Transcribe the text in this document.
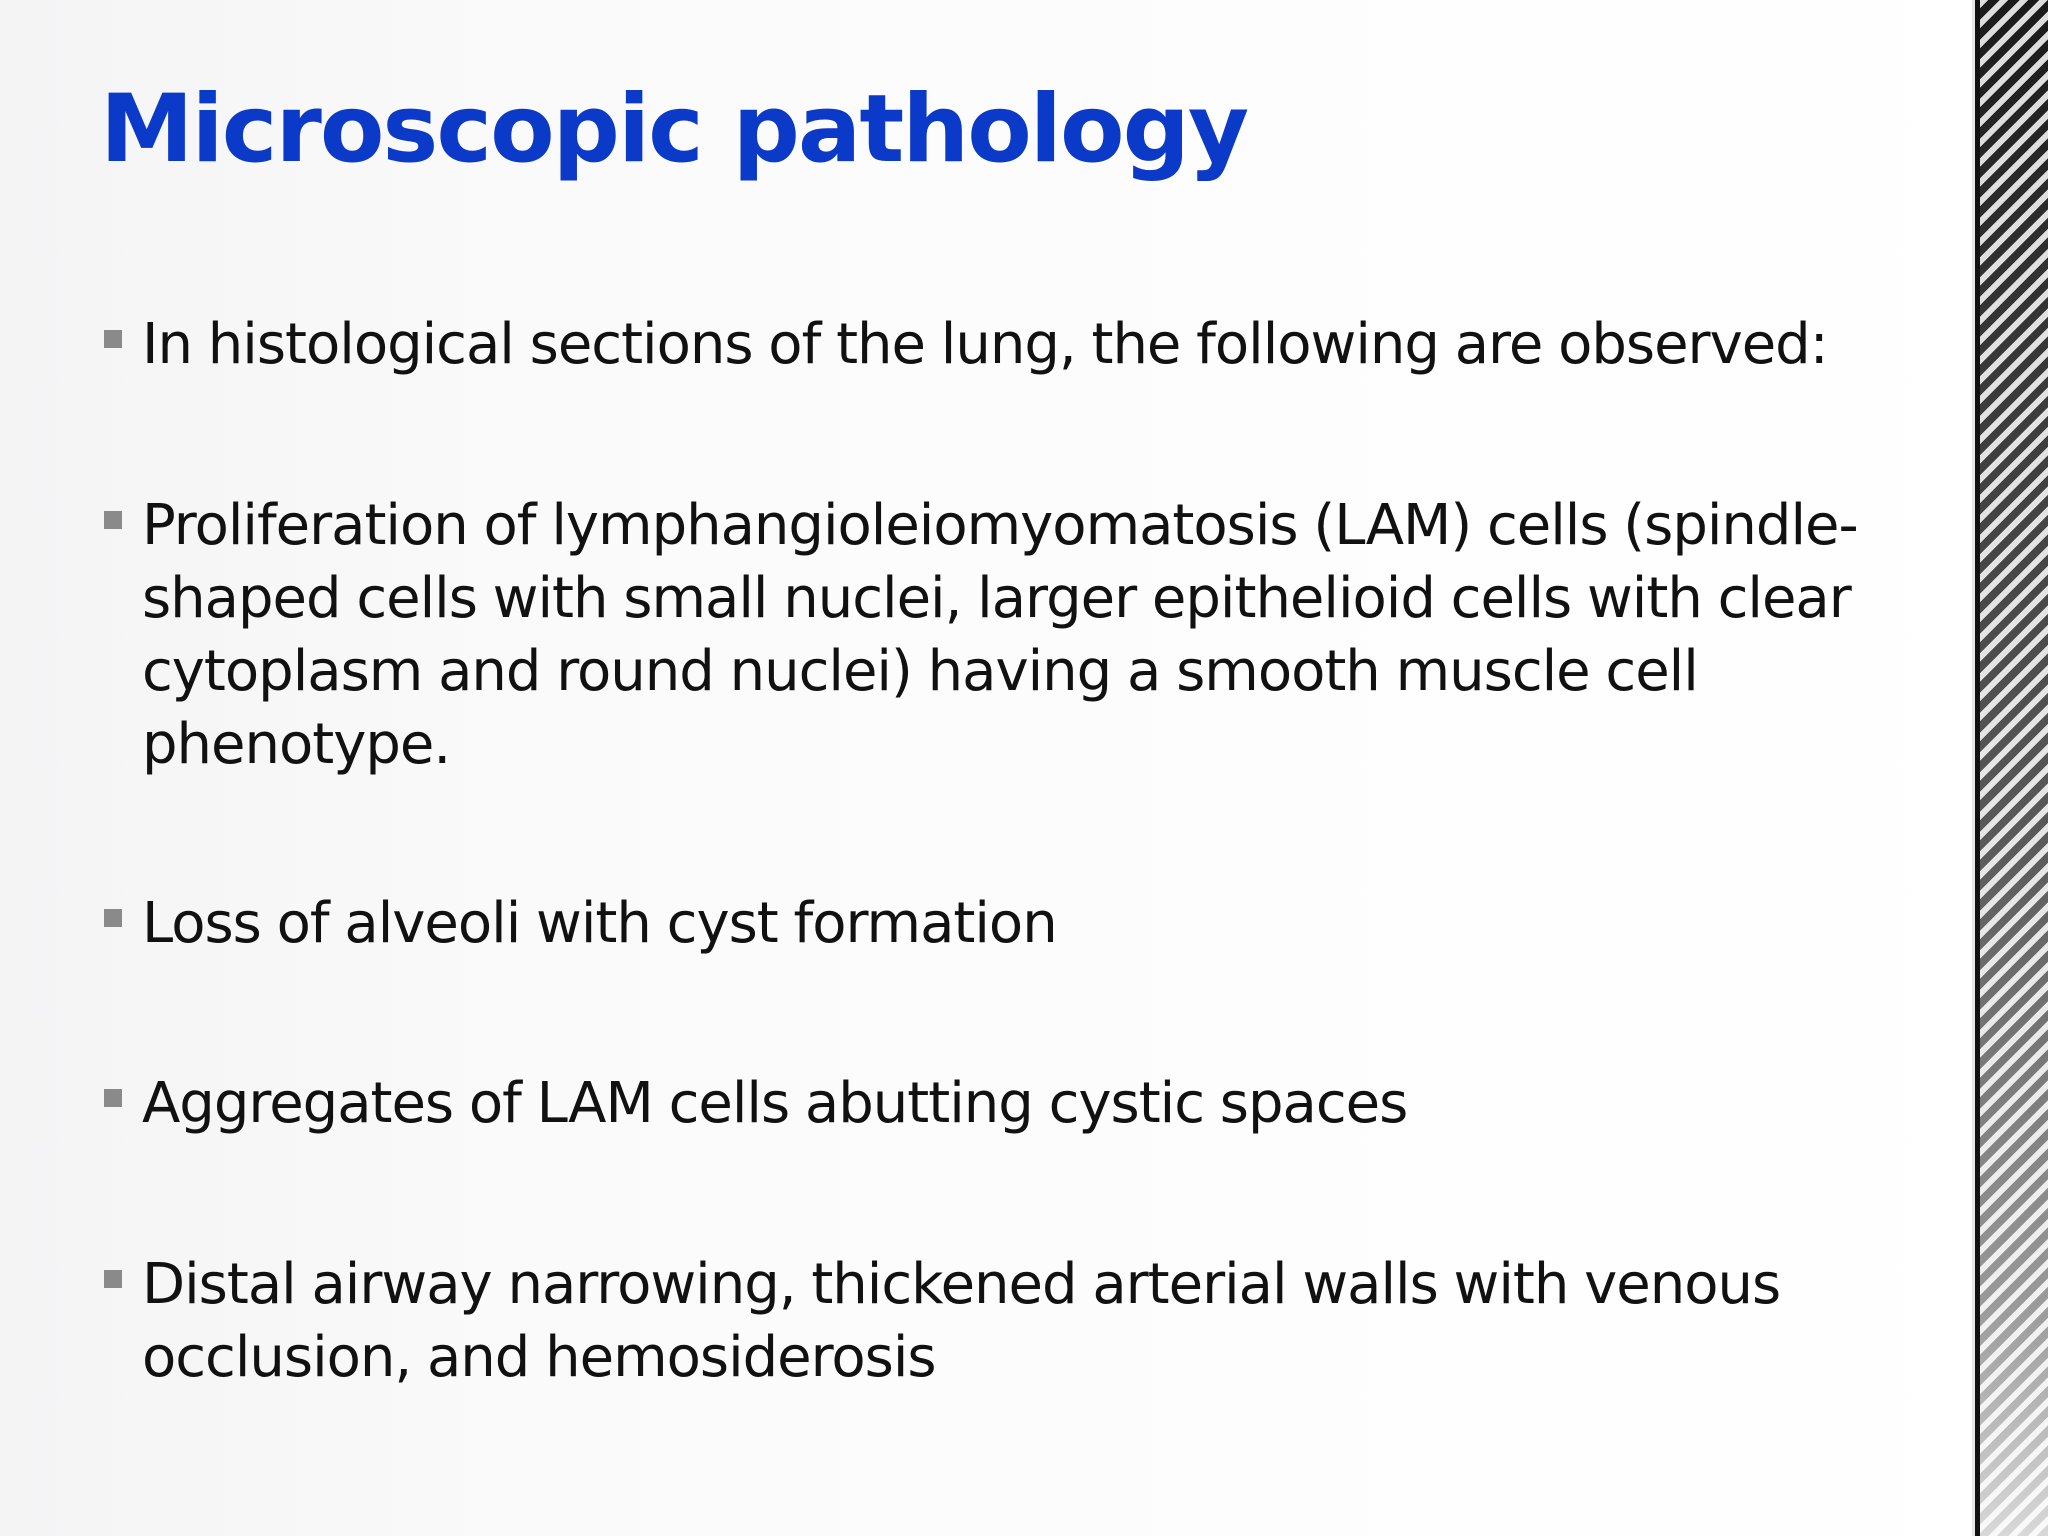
Microscopic pathology
In histological sections of the lung, the following are observed:
Proliferation of lymphangioleiomyomatosis (LAM) cells (spindle-shaped cells with small nuclei, larger epithelioid cells with clear cytoplasm and round nuclei) having a smooth muscle cell phenotype.
Loss of alveoli with cyst formation
Aggregates of LAM cells abutting cystic spaces
Distal airway narrowing, thickened arterial walls with venous occlusion, and hemosiderosis
